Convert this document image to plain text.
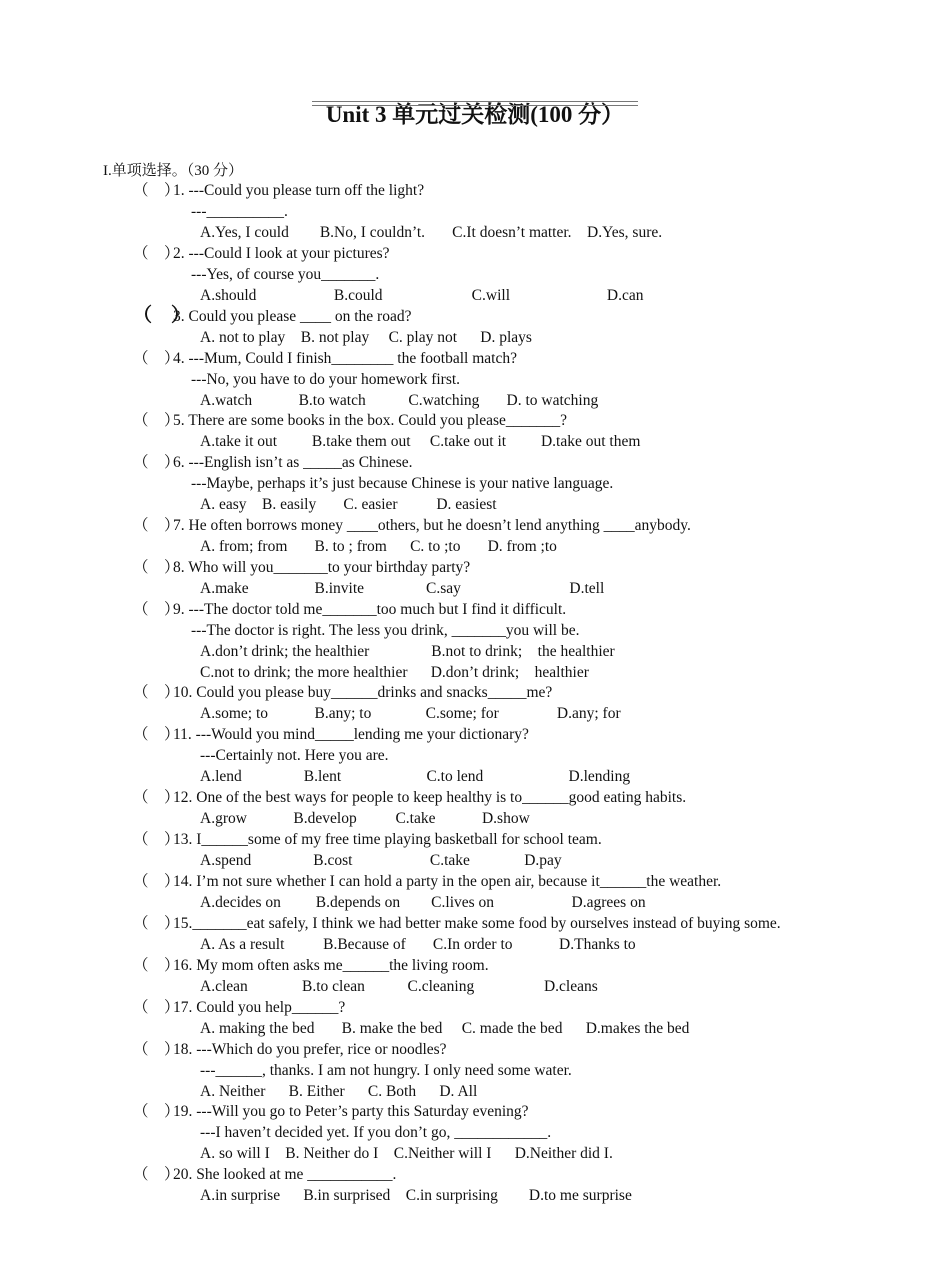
Unit 3 单元过关检测(100 分）
I.单项选择。（30 分）
（　）1. ---Could you please turn off the light?
---__________.
A.Yes, I could        B.No, I couldn’t.       C.It doesn’t matter.    D.Yes, sure.
（　）2. ---Could I look at your pictures?
---Yes, of course you_______.
A.should                    B.could                       C.will                         D.can
（　）3. Could you please ____ on the road?
A. not to play    B. not play     C. play not      D. plays
（　）4. ---Mum, Could I finish________ the football match?
---No, you have to do your homework first.
A.watch            B.to watch           C.watching       D. to watching
（　）5. There are some books in the box. Could you please_______?
A.take it out         B.take them out     C.take out it         D.take out them
（　）6. ---English isn’t as _____as Chinese.
---Maybe, perhaps it’s just because Chinese is your native language.
A. easy    B. easily       C. easier          D. easiest
（　）7. He often borrows money ____others, but he doesn’t lend anything ____anybody.
A. from; from       B. to ; from      C. to ;to       D. from ;to
（　）8. Who will you_______to your birthday party?
A.make                 B.invite                C.say                            D.tell
（　）9. ---The doctor told me_______too much but I find it difficult.
---The doctor is right. The less you drink, _______you will be.
A.don’t drink; the healthier                B.not to drink;    the healthier
C.not to drink; the more healthier      D.don’t drink;    healthier
（　）10. Could you please buy______drinks and snacks_____me?
A.some; to            B.any; to              C.some; for               D.any; for
（　）11. ---Would you mind_____lending me your dictionary?
---Certainly not. Here you are.
A.lend                B.lent                      C.to lend                      D.lending
（　）12. One of the best ways for people to keep healthy is to______good eating habits.
A.grow            B.develop          C.take            D.show
（　）13. I______some of my free time playing basketball for school team.
A.spend                B.cost                    C.take              D.pay
（　）14. I’m not sure whether I can hold a party in the open air, because it______the weather.
A.decides on         B.depends on        C.lives on                    D.agrees on
（　）15._______eat safely, I think we had better make some food by ourselves instead of buying some.
A. As a result          B.Because of       C.In order to            D.Thanks to
（　）16. My mom often asks me______the living room.
A.clean              B.to clean           C.cleaning                  D.cleans
（　）17. Could you help______?
A. making the bed       B. make the bed     C. made the bed      D.makes the bed
（　）18. ---Which do you prefer, rice or noodles?
---______, thanks. I am not hungry. I only need some water.
A. Neither      B. Either      C. Both      D. All
（　）19. ---Will you go to Peter’s party this Saturday evening?
---I haven’t decided yet. If you don’t go, ____________.
A. so will I    B. Neither do I    C.Neither will I      D.Neither did I.
（　）20. She looked at me ___________.
A.in surprise      B.in surprised    C.in surprising        D.to me surprise
